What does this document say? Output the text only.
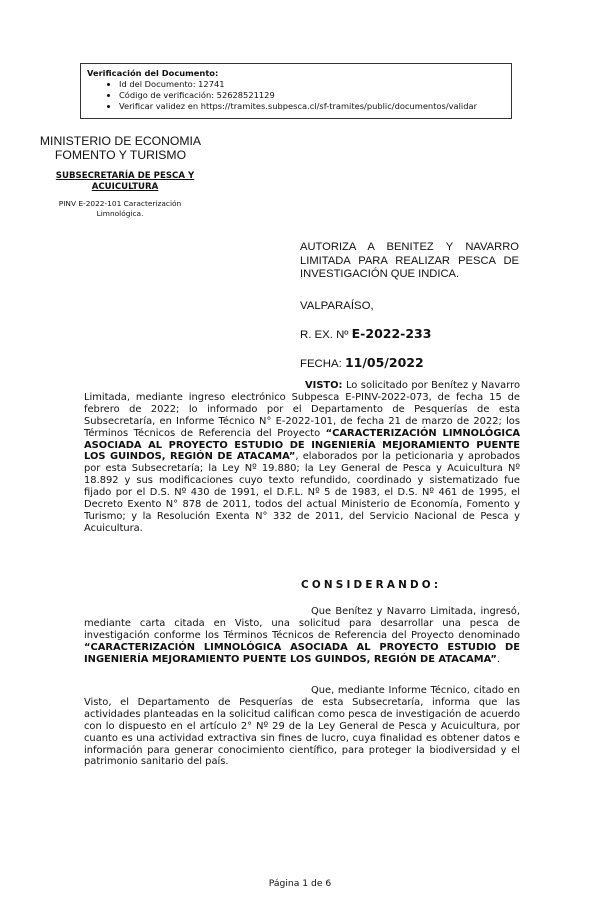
Verificación del Documento:
• Id del Documento: 12741
• Código de verificación: 52628521129
• Verificar validez en https://tramites.subpesca.cl/sf-tramites/public/documentos/validar
MINISTERIO DE ECONOMIA
FOMENTO Y TURISMO
SUBSECRETARÍA DE PESCA Y
ACUICULTURA
PINV E-2022-101 Caracterización
Limnológica.
AUTORIZA A BENITEZ Y NAVARRO LIMITADA PARA REALIZAR PESCA DE INVESTIGACIÓN QUE INDICA.
VALPARAÍSO,
R. EX. Nº E-2022-233
FECHA: 11/05/2022
VISTO: Lo solicitado por Benítez y Navarro Limitada, mediante ingreso electrónico Subpesca E-PINV-2022-073, de fecha 15 de febrero de 2022; lo informado por el Departamento de Pesquerías de esta Subsecretaría, en Informe Técnico N° E-2022-101, de fecha 21 de marzo de 2022; los Términos Técnicos de Referencia del Proyecto “CARACTERIZACIÓN LIMNOLÓGICA ASOCIADA AL PROYECTO ESTUDIO DE INGENIERÍA MEJORAMIENTO PUENTE LOS GUINDOS, REGIÓN DE ATACAMA”, elaborados por la peticionaria y aprobados por esta Subsecretaría; la Ley Nº 19.880; la Ley General de Pesca y Acuicultura Nº 18.892 y sus modificaciones cuyo texto refundido, coordinado y sistematizado fue fijado por el D.S. Nº 430 de 1991, el D.F.L. Nº 5 de 1983, el D.S. Nº 461 de 1995, el Decreto Exento N° 878 de 2011, todos del actual Ministerio de Economía, Fomento y Turismo; y la Resolución Exenta N° 332 de 2011, del Servicio Nacional de Pesca y Acuicultura.
CONSIDERANDO:
Que Benítez y Navarro Limitada, ingresó, mediante carta citada en Visto, una solicitud para desarrollar una pesca de investigación conforme los Términos Técnicos de Referencia del Proyecto denominado “CARACTERIZACIÓN LIMNOLÓGICA ASOCIADA AL PROYECTO ESTUDIO DE INGENIERÍA MEJORAMIENTO PUENTE LOS GUINDOS, REGIÓN DE ATACAMA”.
Que, mediante Informe Técnico, citado en Visto, el Departamento de Pesquerías de esta Subsecretaría, informa que las actividades planteadas en la solicitud califican como pesca de investigación de acuerdo con lo dispuesto en el artículo 2° Nº 29 de la Ley General de Pesca y Acuicultura, por cuanto es una actividad extractiva sin fines de lucro, cuya finalidad es obtener datos e información para generar conocimiento científico, para proteger la biodiversidad y el patrimonio sanitario del país.
Página 1 de 6
